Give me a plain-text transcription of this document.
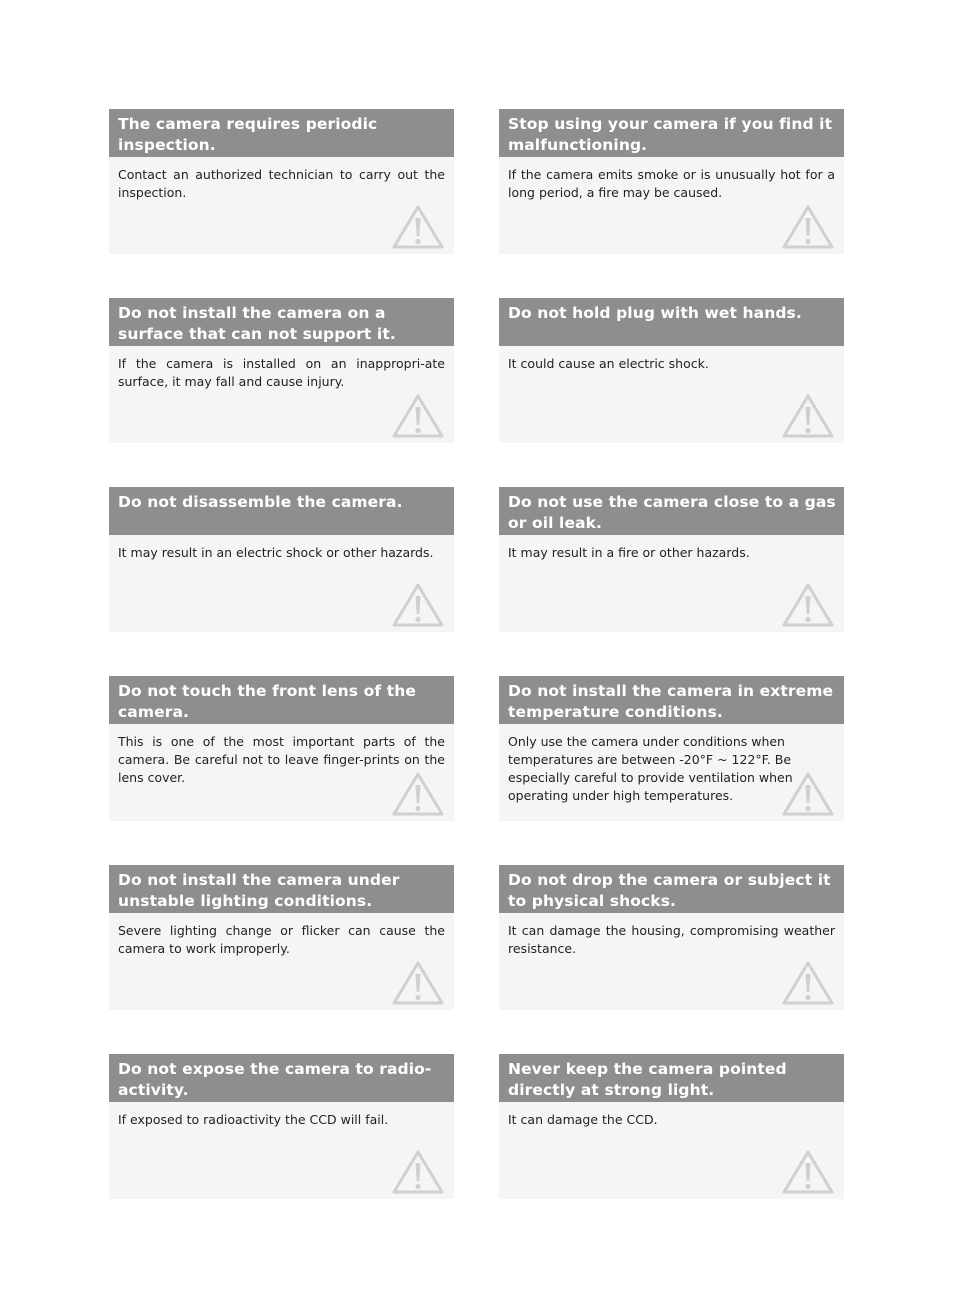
The camera requires periodic inspection.
Contact an authorized technician to carry out the inspection.
Stop using your camera if you find it malfunctioning.
If the camera emits smoke or is unusually hot for a long period, a fire may be caused.
Do not install the camera on a surface that can not support it.
If the camera is installed on an inappropri-ate surface, it may fall and cause injury.
Do not hold plug with wet hands.
It could cause an electric shock.
Do not disassemble the camera.
It may result in an electric shock or other hazards.
Do not use the camera close to a gas or oil leak.
It may result in a fire or other hazards.
Do not touch the front lens of the camera.
This is one of the most important parts of the camera. Be careful not to leave finger-prints on the lens cover.
Do not install the camera in extreme temperature conditions.
Only use the camera under conditions when temperatures are between -20°F ~ 122°F. Be especially careful to provide ventilation when operating under high temperatures.
Do not install the camera under unstable lighting conditions.
Severe lighting change or flicker can cause the camera to work improperly.
Do not drop the camera or subject it to physical shocks.
It can damage the housing, compromising weather resistance.
Do not expose the camera to radio-activity.
If exposed to radioactivity the CCD will fail.
Never keep the camera pointed directly at strong light.
It can damage the CCD.
